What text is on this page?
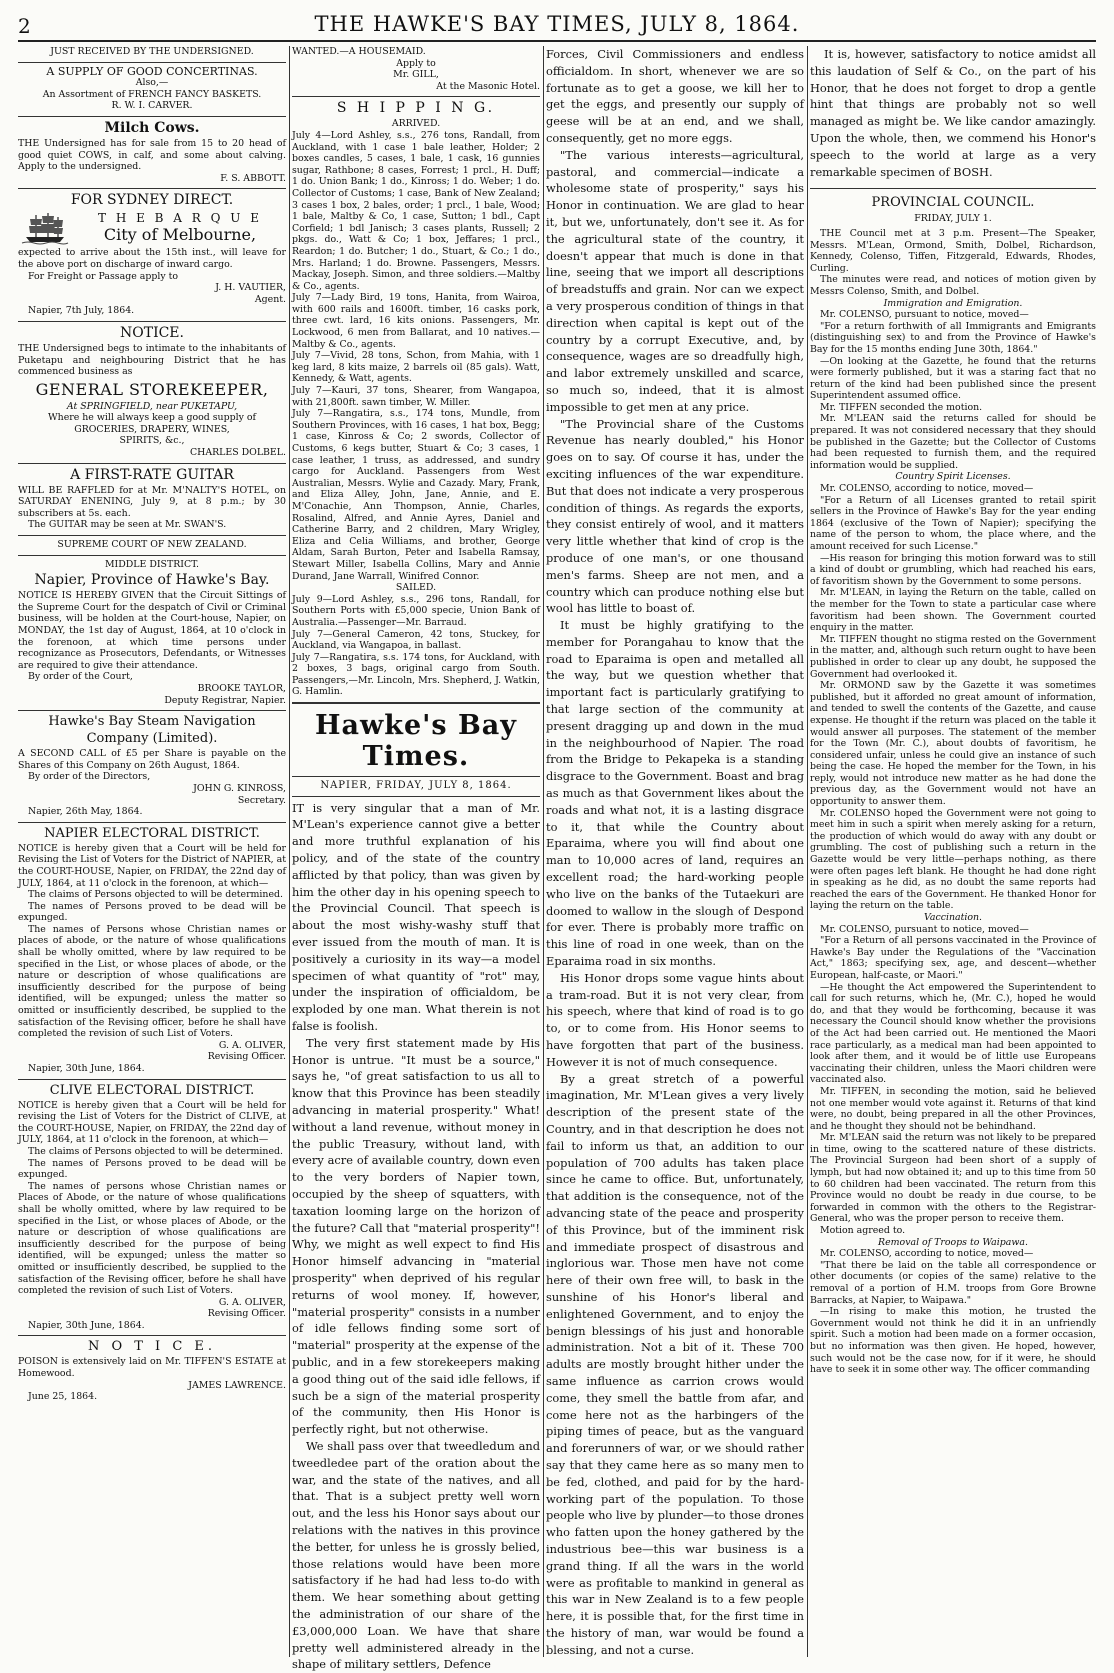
2	THE HAWKE'S BAY TIMES, JULY 8, 1864.

JUST RECEIVED BY THE UNDERSIGNED.

A SUPPLY OF GOOD CONCERTINAS.

Also,—

An Assortment of FRENCH FANCY BASKETS.

R. W. I. CARVER.

Milch Cows.

THE Undersigned has for sale from 15 to 20 head of good quiet COWS, in calf, and some about calving. Apply to the undersigned.

F. S. ABBOTT.

FOR SYDNEY DIRECT.
T H E B A R Q U E
City of Melbourne,

expected to arrive about the 15th inst., will leave for the above port on discharge of inward cargo.

For Freight or Passage apply to

J. H. VAUTIER,

Agent.

Napier, 7th July, 1864.

NOTICE.

THE Undersigned begs to intimate to the inhabitants of Puketapu and neighbouring District that he has commenced business as

GENERAL STOREKEEPER,

At SPRINGFIELD, near PUKETAPU,

Where he will always keep a good supply of

GROCERIES, DRAPERY, WINES,

SPIRITS, &c.,

CHARLES DOLBEL.

A FIRST-RATE GUITAR

WILL BE RAFFLED for at Mr. M'NALTY'S HOTEL, on SATURDAY ENENING, July 9, at 8 p.m.; by 30 subscribers at 5s. each.

The GUITAR may be seen at Mr. SWAN'S.

SUPREME COURT OF NEW ZEALAND.

MIDDLE DISTRICT.

Napier, Province of Hawke's Bay.

NOTICE IS HEREBY GIVEN that the Circuit Sittings of the Supreme Court for the despatch of Civil or Criminal business, will be holden at the Court-house, Napier, on MONDAY, the 1st day of August, 1864, at 10 o'clock in the forenoon, at which time persons under recognizance as Prosecutors, Defendants, or Witnesses are required to give their attendance.

By order of the Court,

BROOKE TAYLOR,

Deputy Registrar, Napier.

Hawke's Bay Steam Navigation
Company (Limited).

A SECOND CALL of £5 per Share is payable on the Shares of this Company on 26th August, 1864.

By order of the Directors,

JOHN G. KINROSS,

Secretary.

Napier, 26th May, 1864.

NAPIER ELECTORAL DISTRICT.

NOTICE is hereby given that a Court will be held for Revising the List of Voters for the District of NAPIER, at the COURT-HOUSE, Napier, on FRIDAY, the 22nd day of JULY, 1864, at 11 o'clock in the forenoon, at which—

The claims of Persons objected to will be determined.

The names of Persons proved to be dead will be expunged.

The names of Persons whose Christian names or places of abode, or the nature of whose qualifications shall be wholly omitted, where by law required to be specified in the List, or whose places of abode, or the nature or description of whose qualifications are insufficiently described for the purpose of being identified, will be expunged; unless the matter so omitted or insufficiently described, be supplied to the satisfaction of the Revising officer, before he shall have completed the revision of such List of Voters.

G. A. OLIVER,

Revising Officer.

Napier, 30th June, 1864.

CLIVE ELECTORAL DISTRICT.

NOTICE is hereby given that a Court will be held for revising the List of Voters for the District of CLIVE, at the COURT-HOUSE, Napier, on FRIDAY, the 22nd day of JULY, 1864, at 11 o'clock in the forenoon, at which—

The claims of Persons objected to will be determined.

The names of Persons proved to be dead will be expunged.

The names of persons whose Christian names or Places of Abode, or the nature of whose qualifications shall be wholly omitted, where by law required to be specified in the List, or whose places of Abode, or the nature or description of whose qualifications are insufficiently described for the purpose of being identified, will be expunged; unless the matter so omitted or insufficiently described, be supplied to the satisfaction of the Revising officer, before he shall have completed the revision of such List of Voters.

G. A. OLIVER,

Revising Officer.

Napier, 30th June, 1864.

N O T I C E.

POISON is extensively laid on Mr. TIFFEN'S ESTATE at Homewood.

JAMES LAWRENCE.

June 25, 1864.

WANTED.—A HOUSEMAID.

Apply to

Mr. GILL,

At the Masonic Hotel.

S H I P P I N G.

ARRIVED.

July 4—Lord Ashley, s.s., 276 tons, Randall, from Auckland, with 1 case 1 bale leather, Holder; 2 boxes candles, 5 cases, 1 bale, 1 cask, 16 gunnies sugar, Rathbone; 8 cases, Forrest; 1 prcl., H. Duff; 1 do. Union Bank; 1 do., Kinross; 1 do. Weber; 1 do. Collector of Customs; 1 case, Bank of New Zealand; 3 cases 1 box, 2 bales, order; 1 prcl., 1 bale, Wood; 1 bale, Maltby & Co, 1 case, Sutton; 1 bdl., Capt Corfield; 1 bdl Janisch; 3 cases plants, Russell; 2 pkgs. do., Watt & Co; 1 box, Jeffares; 1 prcl., Reardon; 1 do. Butcher; 1 do., Stuart, & Co.; 1 do., Mrs. Harland; 1 do. Browne. Passengers, Messrs. Mackay, Joseph. Simon, and three soldiers.—Maltby & Co., agents.

July 7—Lady Bird, 19 tons, Hanita, from Wairoa, with 600 rails and 1600ft. timber, 16 casks pork, three cwt. lard, 16 kits onions. Passengers, Mr. Lockwood, 6 men from Ballarat, and 10 natives.—Maltby & Co., agents.

July 7—Vivid, 28 tons, Schon, from Mahia, with 1 keg lard, 8 kits maize, 2 barrels oil (85 gals). Watt, Kennedy, & Watt, agents.

July 7—Kauri, 37 tons, Shearer, from Wangapoa, with 21,800ft. sawn timber, W. Miller.

July 7—Rangatira, s.s., 174 tons, Mundle, from Southern Provinces, with 16 cases, 1 hat box, Begg; 1 case, Kinross & Co; 2 swords, Collector of Customs, 6 kegs butter, Stuart & Co; 3 cases, 1 case leather, 1 truss, as addressed, and sundry cargo for Auckland. Passengers from West Australian, Messrs. Wylie and Cazady. Mary, Frank, and Eliza Alley, John, Jane, Annie, and E. M'Conachie, Ann Thompson, Annie, Charles, Rosalind, Alfred, and Annie Ayres, Daniel and Catherine Barry, and 2 children, Mary Wrigley, Eliza and Celia Williams, and brother, George Aldam, Sarah Burton, Peter and Isabella Ramsay, Stewart Miller, Isabella Collins, Mary and Annie Durand, Jane Warrall, Winifred Connor.

SAILED.

July 9—Lord Ashley, s.s., 296 tons, Randall, for Southern Ports with £5,000 specie, Union Bank of Australia.—Passenger—Mr. Barraud.

July 7—General Cameron, 42 tons, Stuckey, for Auckland, via Wangapoa, in ballast.

July 7—Rangatira, s.s. 174 tons, for Auckland, with 2 boxes, 3 bags, original cargo from South. Passengers,—Mr. Lincoln, Mrs. Shepherd, J. Watkin, G. Hamlin.

Hawke's Bay Times.

NAPIER, FRIDAY, JULY 8, 1864.

IT is very singular that a man of Mr. M'Lean's experience cannot give a better and more truthful explanation of his policy, and of the state of the country afflicted by that policy, than was given by him the other day in his opening speech to the Provincial Council. That speech is about the most wishy-washy stuff that ever issued from the mouth of man. It is positively a curiosity in its way—a model specimen of what quantity of "rot" may, under the inspiration of officialdom, be exploded by one man. What therein is not false is foolish.

The very first statement made by His Honor is untrue. "It must be a source," says he, "of great satisfaction to us all to know that this Province has been steadily advancing in material prosperity." What! without a land revenue, without money in the public Treasury, without land, with every acre of available country, down even to the very borders of Napier town, occupied by the sheep of squatters, with taxation looming large on the horizon of the future? Call that "material prosperity"! Why, we might as well expect to find His Honor himself advancing in "material prosperity" when deprived of his regular returns of wool money. If, however, "material prosperity" consists in a number of idle fellows finding some sort of "material" prosperity at the expense of the public, and in a few storekeepers making a good thing out of the said idle fellows, if such be a sign of the material prosperity of the community, then His Honor is perfectly right, but not otherwise.

We shall pass over that tweedledum and tweedledee part of the oration about the war, and the state of the natives, and all that. That is a subject pretty well worn out, and the less his Honor says about our relations with the natives in this province the better, for unless he is grossly belied, those relations would have been more satisfactory if he had had less to-do with them. We hear something about getting the administration of our share of the £3,000,000 Loan. We have that share pretty well administered already in the shape of military settlers, Defence

Forces, Civil Commissioners and endless officialdom. In short, whenever we are so fortunate as to get a goose, we kill her to get the eggs, and presently our supply of geese will be at an end, and we shall, consequently, get no more eggs.

"The various interests—agricultural, pastoral, and commercial—indicate a wholesome state of prosperity," says his Honor in continuation. We are glad to hear it, but we, unfortunately, don't see it. As for the agricultural state of the country, it doesn't appear that much is done in that line, seeing that we import all descriptions of breadstuffs and grain. Nor can we expect a very prosperous condition of things in that direction when capital is kept out of the country by a corrupt Executive, and, by consequence, wages are so dreadfully high, and labor extremely unskilled and scarce, so much so, indeed, that it is almost impossible to get men at any price.

"The Provincial share of the Customs Revenue has nearly doubled," his Honor goes on to say. Of course it has, under the exciting influences of the war expenditure. But that does not indicate a very prosperous condition of things. As regards the exports, they consist entirely of wool, and it matters very little whether that kind of crop is the produce of one man's, or one thousand men's farms. Sheep are not men, and a country which can produce nothing else but wool has little to boast of.

It must be highly gratifying to the member for Porangahau to know that the road to Eparaima is open and metalled all the way, but we question whether that important fact is particularly gratifying to that large section of the community at present dragging up and down in the mud in the neighbourhood of Napier. The road from the Bridge to Pekapeka is a standing disgrace to the Government. Boast and brag as much as that Government likes about the roads and what not, it is a lasting disgrace to it, that while the Country about Eparaima, where you will find about one man to 10,000 acres of land, requires an excellent road; the hard-working people who live on the banks of the Tutaekuri are doomed to wallow in the slough of Despond for ever. There is probably more traffic on this line of road in one week, than on the Eparaima road in six months.

His Honor drops some vague hints about a tram-road. But it is not very clear, from his speech, where that kind of road is to go to, or to come from. His Honor seems to have forgotten that part of the business. However it is not of much consequence.

By a great stretch of a powerful imagination, Mr. M'Lean gives a very lively description of the present state of the Country, and in that description he does not fail to inform us that, an addition to our population of 700 adults has taken place since he came to office. But, unfortunately, that addition is the consequence, not of the advancing state of the peace and prosperity of this Province, but of the imminent risk and immediate prospect of disastrous and inglorious war. Those men have not come here of their own free will, to bask in the sunshine of his Honor's liberal and enlightened Government, and to enjoy the benign blessings of his just and honorable administration. Not a bit of it. These 700 adults are mostly brought hither under the same influence as carrion crows would come, they smell the battle from afar, and come here not as the harbingers of the piping times of peace, but as the vanguard and forerunners of war, or we should rather say that they came here as so many men to be fed, clothed, and paid for by the hard-working part of the population. To those people who live by plunder—to those drones who fatten upon the honey gathered by the industrious bee—this war business is a grand thing. If all the wars in the world were as profitable to mankind in general as this war in New Zealand is to a few people here, it is possible that, for the first time in the history of man, war would be found a blessing, and not a curse.

It is, however, satisfactory to notice amidst all this laudation of Self & Co., on the part of his Honor, that he does not forget to drop a gentle hint that things are probably not so well managed as might be. We like candor amazingly. Upon the whole, then, we commend his Honor's speech to the world at large as a very remarkable specimen of BOSH.

PROVINCIAL COUNCIL.

FRIDAY, JULY 1.

THE Council met at 3 p.m. Present—The Speaker, Messrs. M'Lean, Ormond, Smith, Dolbel, Richardson, Kennedy, Colenso, Tiffen, Fitzgerald, Edwards, Rhodes, Curling.

The minutes were read, and notices of motion given by Messrs Colenso, Smith, and Dolbel.

Immigration and Emigration.

Mr. COLENSO, pursuant to notice, moved—

"For a return forthwith of all Immigrants and Emigrants (distinguishing sex) to and from the Province of Hawke's Bay for the 15 months ending June 30th, 1864."

—On looking at the Gazette, he found that the returns were formerly published, but it was a staring fact that no return of the kind had been published since the present Superintendent assumed office.

Mr. TIFFEN seconded the motion.

Mr. M'LEAN said the returns called for should be prepared. It was not considered necessary that they should be published in the Gazette; but the Collector of Customs had been requested to furnish them, and the required information would be supplied.

Country Spirit Licenses.

Mr. COLENSO, according to notice, moved—

"For a Return of all Licenses granted to retail spirit sellers in the Province of Hawke's Bay for the year ending 1864 (exclusive of the Town of Napier); specifying the name of the person to whom, the place where, and the amount received for such License."

—His reason for bringing this motion forward was to still a kind of doubt or grumbling, which had reached his ears, of favoritism shown by the Government to some persons.

Mr. M'LEAN, in laying the Return on the table, called on the member for the Town to state a particular case where favoritism had been shown. The Government courted enquiry in the matter.

Mr. TIFFEN thought no stigma rested on the Government in the matter, and, although such return ought to have been published in order to clear up any doubt, he supposed the Government had overlooked it.

Mr. ORMOND saw by the Gazette it was sometimes published, but it afforded no great amount of information, and tended to swell the contents of the Gazette, and cause expense. He thought if the return was placed on the table it would answer all purposes. The statement of the member for the Town (Mr. C.), about doubts of favoritism, he considered unfair, unless he could give an instance of such being the case. He hoped the member for the Town, in his reply, would not introduce new matter as he had done the previous day, as the Government would not have an opportunity to answer them.

Mr. COLENSO hoped the Government were not going to meet him in such a spirit when merely asking for a return, the production of which would do away with any doubt or grumbling. The cost of publishing such a return in the Gazette would be very little—perhaps nothing, as there were often pages left blank. He thought he had done right in speaking as he did, as no doubt the same reports had reached the ears of the Government. He thanked Honor for laying the return on the table.

Vaccination.

Mr. COLENSO, pursuant to notice, moved—

"For a Return of all persons vaccinated in the Province of Hawke's Bay under the Regulations of the "Vaccination Act," 1863; specifying sex, age, and descent—whether European, half-caste, or Maori."

—He thought the Act empowered the Superintendent to call for such returns, which he, (Mr. C.), hoped he would do, and that they would be forthcoming, because it was necessary the Council should know whether the provisions of the Act had been carried out. He mentioned the Maori race particularly, as a medical man had been appointed to look after them, and it would be of little use Europeans vaccinating their children, unless the Maori children were vaccinated also.

Mr. TIFFEN, in seconding the motion, said he believed not one member would vote against it. Returns of that kind were, no doubt, being prepared in all the other Provinces, and he thought they should not be behindhand.

Mr. M'LEAN said the return was not likely to be prepared in time, owing to the scattered nature of these districts. The Provincial Surgeon had been short of a supply of lymph, but had now obtained it; and up to this time from 50 to 60 children had been vaccinated. The return from this Province would no doubt be ready in due course, to be forwarded in common with the others to the Registrar-General, who was the proper person to receive them.

Motion agreed to.

Removal of Troops to Waipawa.

Mr. COLENSO, according to notice, moved—

"That there be laid on the table all correspondence or other documents (or copies of the same) relative to the removal of a portion of H.M. troops from Gore Browne Barracks, at Napier, to Waipawa."

—In rising to make this motion, he trusted the Government would not think he did it in an unfriendly spirit. Such a motion had been made on a former occasion, but no information was then given. He hoped, however, such would not be the case now, for if it were, he should have to seek it in some other way. The officer commanding
